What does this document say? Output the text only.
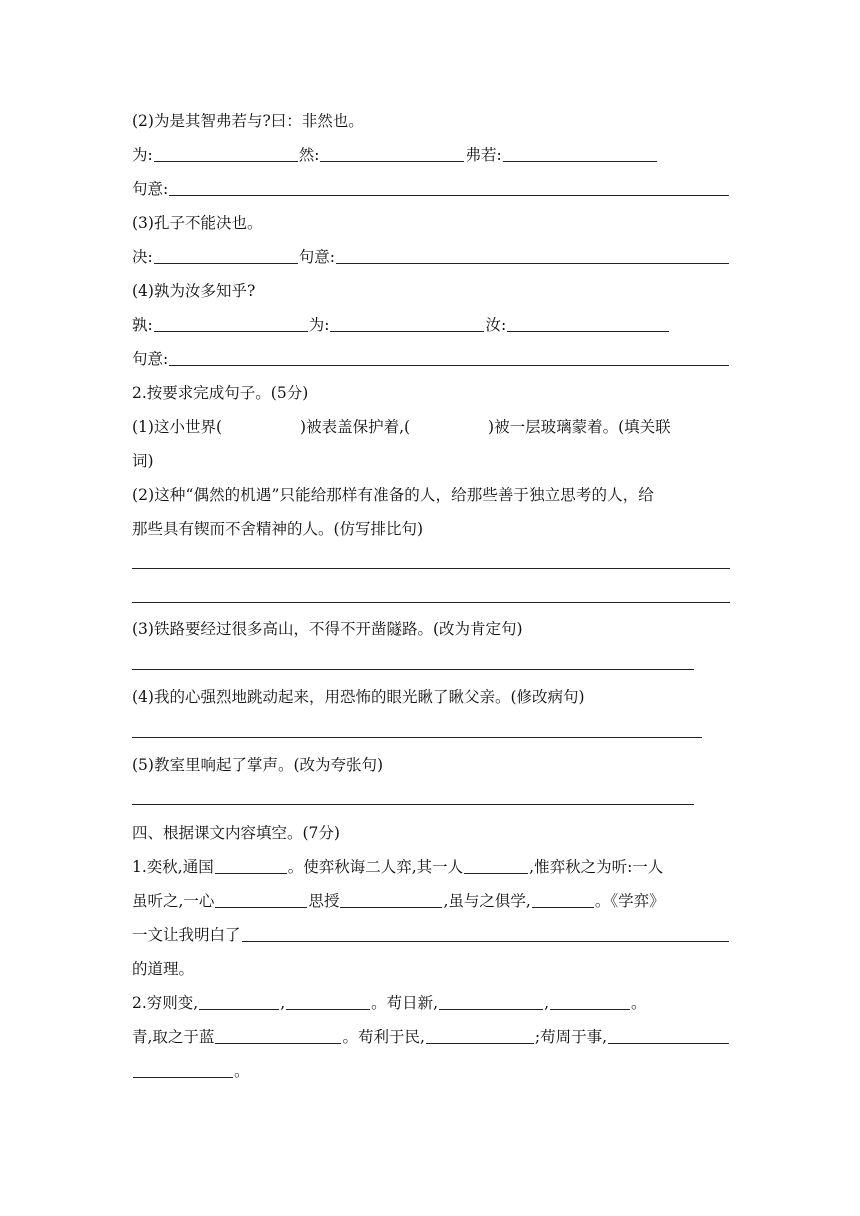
(2)为是其智弗若与?曰：非然也。
为:	然:	弗若:
句意:
(3)孔子不能决也。
决:	句意:
(4)孰为汝多知乎?
孰:	为:	汝:
句意:
2.按要求完成句子。(5分)
(1)这小世界(	)被表盖保护着,(	)被一层玻璃蒙着。(填关联
词)
(2)这种“偶然的机遇”只能给那样有准备的人，给那些善于独立思考的人，给
那些具有锲而不舍精神的人。(仿写排比句)
(3)铁路要经过很多高山，不得不开凿隧路。(改为肯定句)
(4)我的心强烈地跳动起来，用恐怖的眼光瞅了瞅父亲。(修改病句)
(5)教室里响起了掌声。(改为夸张句)
四、根据课文内容填空。(7分)
1.奕秋,通国	。使弈秋诲二人弈,其一人	,惟弈秋之为听:一人
虽听之,一心	思授	,虽与之俱学,	。《学弈》
一文让我明白了
的道理。
2.穷则变,	,	。苟日新,	,	。
青,取之于蓝	。苟利于民,	;苟周于事,
。
